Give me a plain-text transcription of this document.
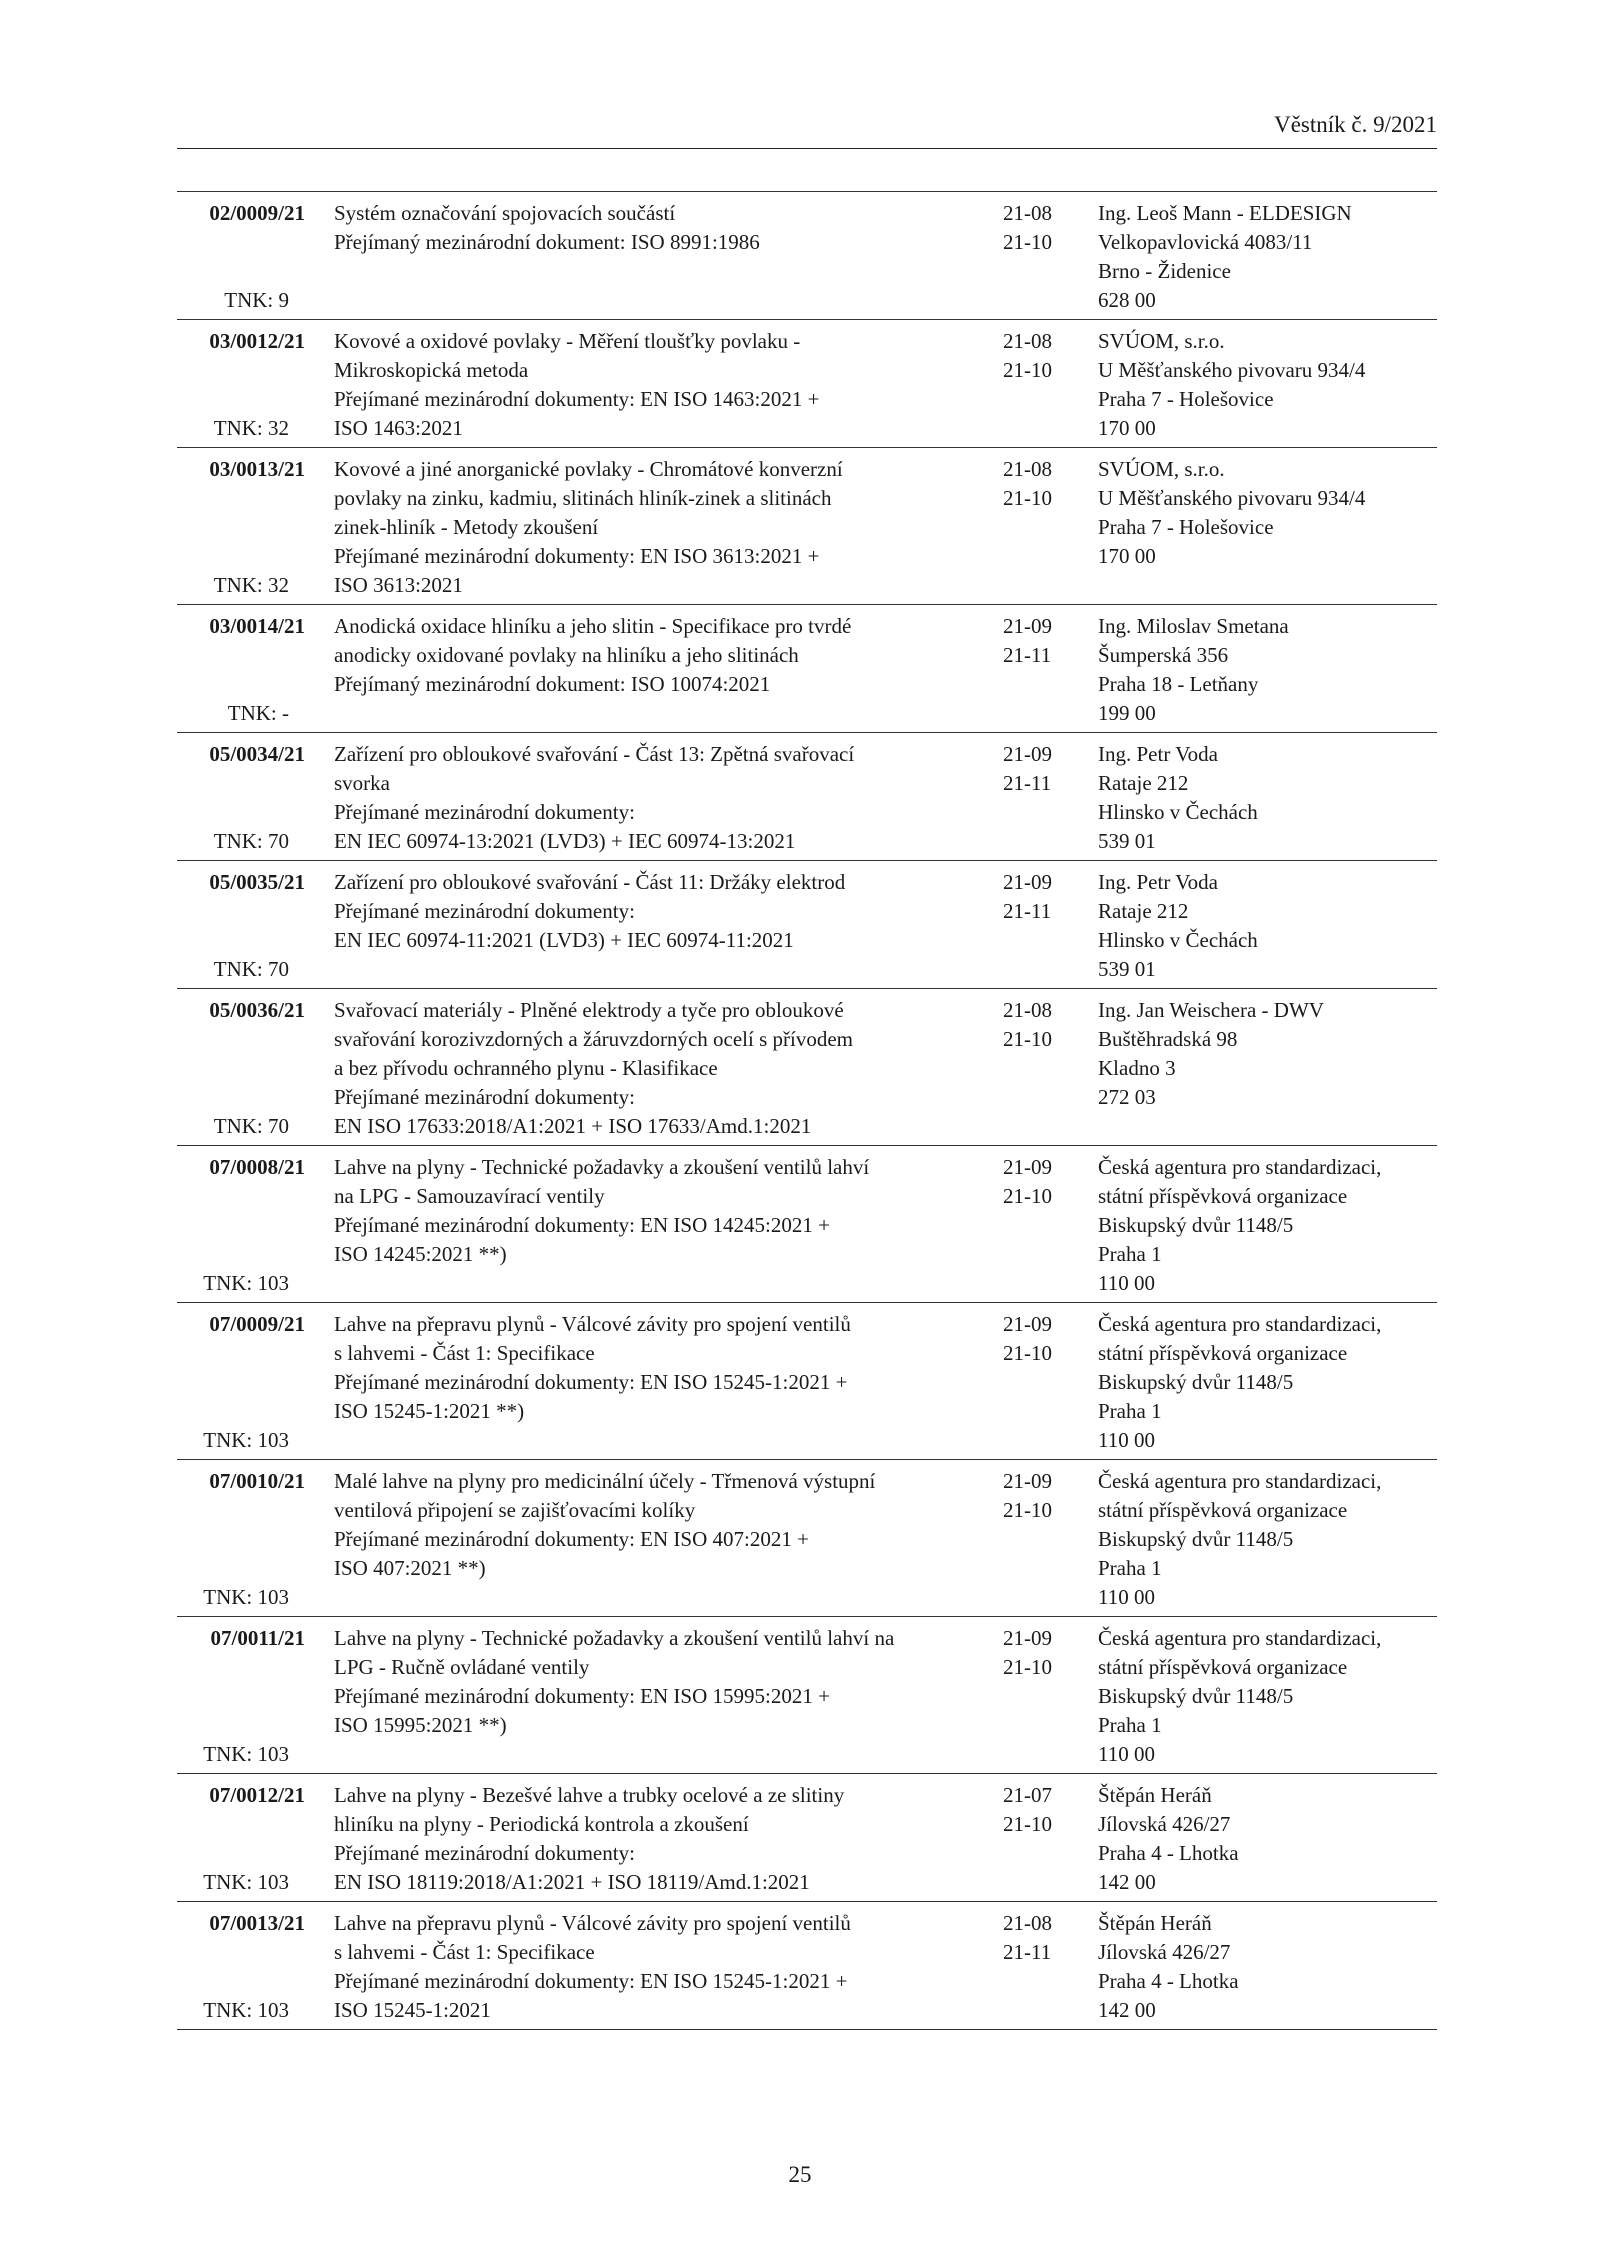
Věstník č. 9/2021
02/0009/21
TNK: 9
Systém označování spojovacích součástí
Přejímaný mezinárodní dokument: ISO 8991:1986
21-08
21-10
Ing. Leoš Mann - ELDESIGN
Velkopavlovická 4083/11
Brno - Židenice
628 00
03/0012/21
TNK: 32
Kovové a oxidové povlaky - Měření tloušťky povlaku -
Mikroskopická metoda
Přejímané mezinárodní dokumenty: EN ISO 1463:2021 +
ISO 1463:2021
21-08
21-10
SVÚOM, s.r.o.
U Měšťanského pivovaru 934/4
Praha 7 - Holešovice
170 00
03/0013/21
TNK: 32
Kovové a jiné anorganické povlaky - Chromátové konverzní
povlaky na zinku, kadmiu, slitinách hliník-zinek a slitinách
zinek-hliník - Metody zkoušení
Přejímané mezinárodní dokumenty: EN ISO 3613:2021 +
ISO 3613:2021
21-08
21-10
SVÚOM, s.r.o.
U Měšťanského pivovaru 934/4
Praha 7 - Holešovice
170 00
03/0014/21
TNK: -
Anodická oxidace hliníku a jeho slitin - Specifikace pro tvrdé
anodicky oxidované povlaky na hliníku a jeho slitinách
Přejímaný mezinárodní dokument: ISO 10074:2021
21-09
21-11
Ing. Miloslav Smetana
Šumperská 356
Praha 18 - Letňany
199 00
05/0034/21
TNK: 70
Zařízení pro obloukové svařování - Část 13: Zpětná svařovací
svorka
Přejímané mezinárodní dokumenty:
EN IEC 60974-13:2021 (LVD3) + IEC 60974-13:2021
21-09
21-11
Ing. Petr Voda
Rataje 212
Hlinsko v Čechách
539 01
05/0035/21
TNK: 70
Zařízení pro obloukové svařování - Část 11: Držáky elektrod
Přejímané mezinárodní dokumenty:
EN IEC 60974-11:2021 (LVD3) + IEC 60974-11:2021
21-09
21-11
Ing. Petr Voda
Rataje 212
Hlinsko v Čechách
539 01
05/0036/21
TNK: 70
Svařovací materiály - Plněné elektrody a tyče pro obloukové
svařování korozivzdorných a žáruvzdorných ocelí s přívodem
a bez přívodu ochranného plynu - Klasifikace
Přejímané mezinárodní dokumenty:
EN ISO 17633:2018/A1:2021 + ISO 17633/Amd.1:2021
21-08
21-10
Ing. Jan Weischera - DWV
Buštěhradská 98
Kladno 3
272 03
07/0008/21
TNK: 103
Lahve na plyny - Technické požadavky a zkoušení ventilů lahví
na LPG - Samouzavírací ventily
Přejímané mezinárodní dokumenty: EN ISO 14245:2021 +
ISO 14245:2021 **)
21-09
21-10
Česká agentura pro standardizaci,
státní příspěvková organizace
Biskupský dvůr 1148/5
Praha 1
110 00
07/0009/21
TNK: 103
Lahve na přepravu plynů - Válcové závity pro spojení ventilů
s lahvemi - Část 1: Specifikace
Přejímané mezinárodní dokumenty: EN ISO 15245-1:2021 +
ISO 15245-1:2021 **)
21-09
21-10
Česká agentura pro standardizaci,
státní příspěvková organizace
Biskupský dvůr 1148/5
Praha 1
110 00
07/0010/21
TNK: 103
Malé lahve na plyny pro medicinální účely - Třmenová výstupní
ventilová připojení se zajišťovacími kolíky
Přejímané mezinárodní dokumenty: EN ISO 407:2021 +
ISO 407:2021 **)
21-09
21-10
Česká agentura pro standardizaci,
státní příspěvková organizace
Biskupský dvůr 1148/5
Praha 1
110 00
07/0011/21
TNK: 103
Lahve na plyny - Technické požadavky a zkoušení ventilů lahví na
LPG - Ručně ovládané ventily
Přejímané mezinárodní dokumenty: EN ISO 15995:2021 +
ISO 15995:2021 **)
21-09
21-10
Česká agentura pro standardizaci,
státní příspěvková organizace
Biskupský dvůr 1148/5
Praha 1
110 00
07/0012/21
TNK: 103
Lahve na plyny - Bezešvé lahve a trubky ocelové a ze slitiny
hliníku na plyny - Periodická kontrola a zkoušení
Přejímané mezinárodní dokumenty:
EN ISO 18119:2018/A1:2021 + ISO 18119/Amd.1:2021
21-07
21-10
Štěpán Heráň
Jílovská 426/27
Praha 4 - Lhotka
142 00
07/0013/21
TNK: 103
Lahve na přepravu plynů - Válcové závity pro spojení ventilů
s lahvemi - Část 1: Specifikace
Přejímané mezinárodní dokumenty: EN ISO 15245-1:2021 +
ISO 15245-1:2021
21-08
21-11
Štěpán Heráň
Jílovská 426/27
Praha 4 - Lhotka
142 00
25
